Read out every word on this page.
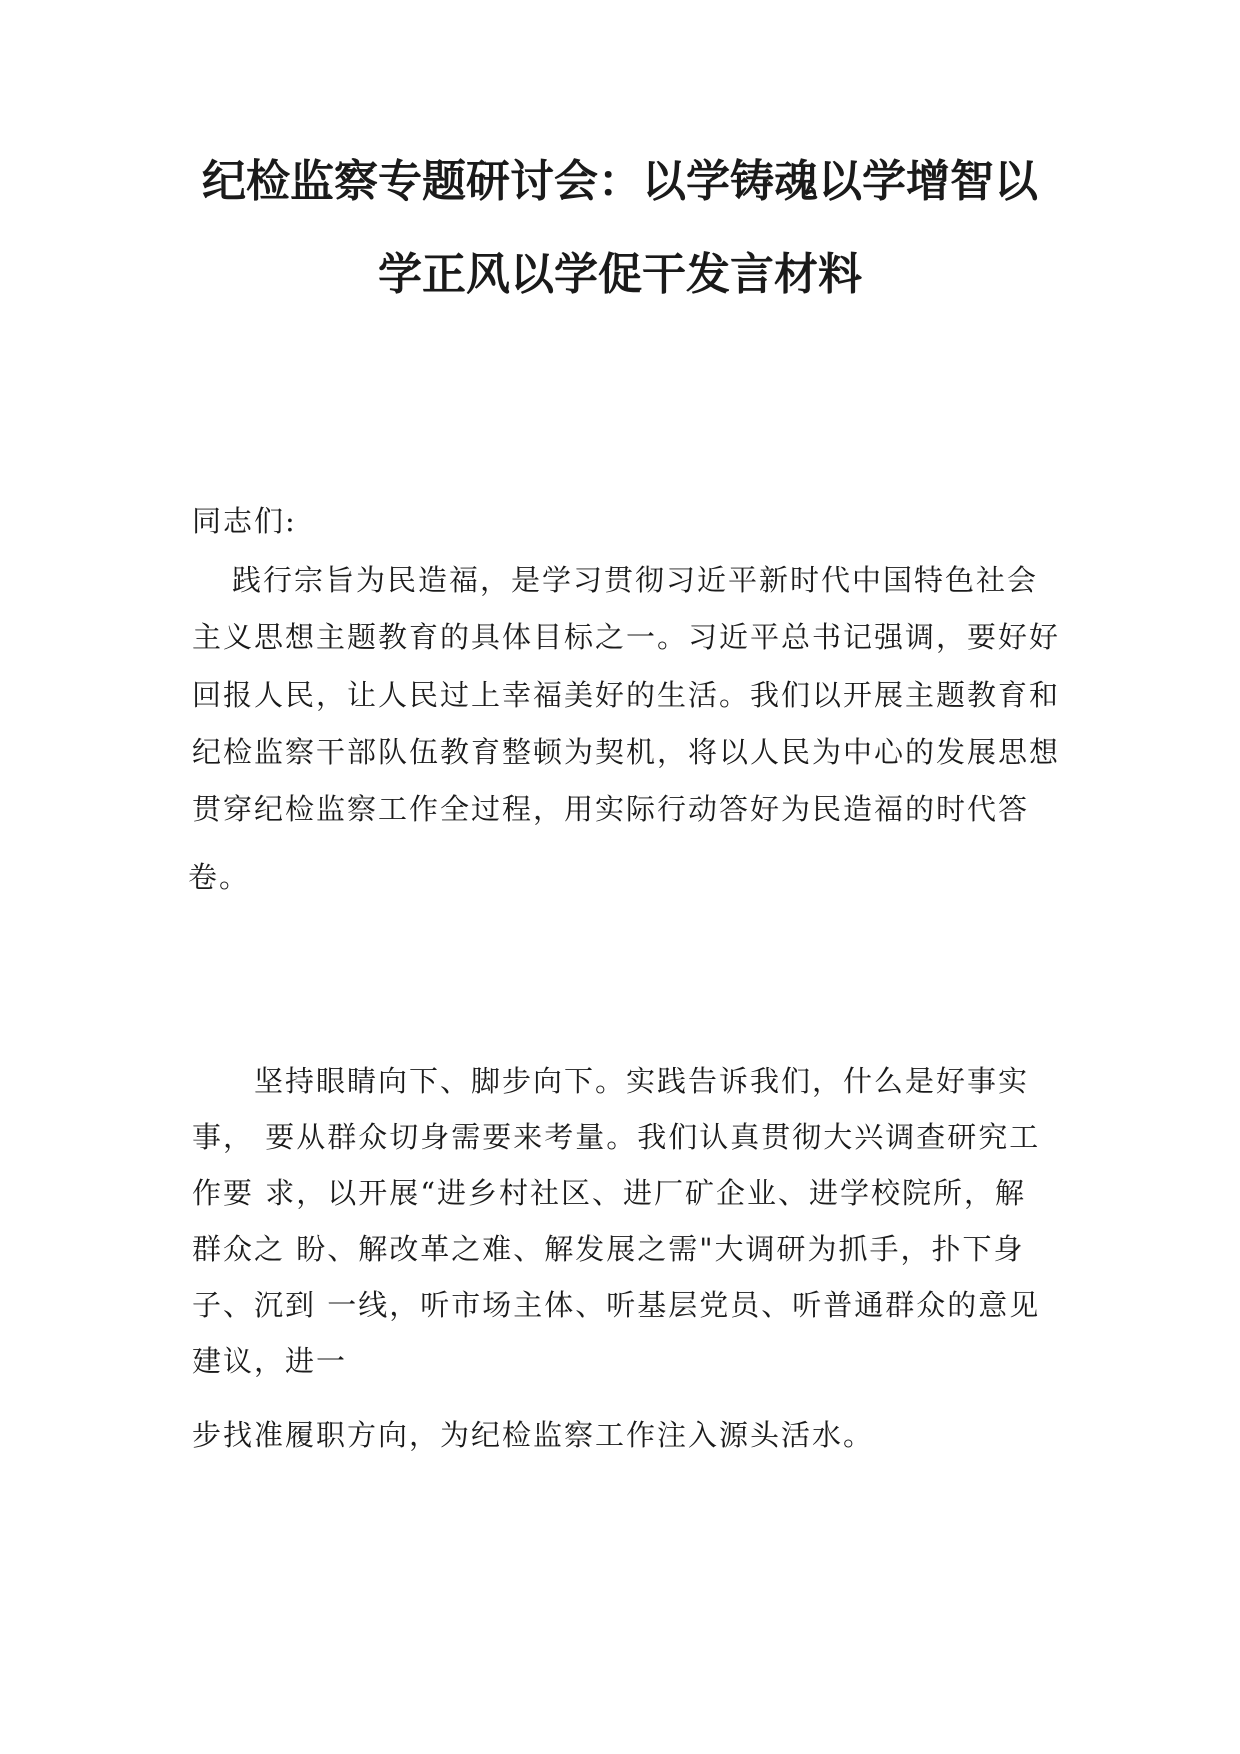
纪检监察专题研讨会：以学铸魂以学增智以
学正风以学促干发言材料

同志们:

践行宗旨为民造福，是学习贯彻习近平新时代中国特色社会

主义思想主题教育的具体目标之一。习近平总书记强调，要好好

回报人民，让人民过上幸福美好的生活。我们以开展主题教育和

纪检监察干部队伍教育整顿为契机，将以人民为中心的发展思想

贯穿纪检监察工作全过程，用实际行动答好为民造福的时代答

卷。

坚持眼睛向下、脚步向下。实践告诉我们，什么是好事实

事， 要从群众切身需要来考量。我们认真贯彻大兴调查研究工

作要 求，以开展“进乡村社区、进厂矿企业、进学校院所，解

群众之 盼、解改革之难、解发展之需"大调研为抓手，扑下身

子、沉到 一线，听市场主体、听基层党员、听普通群众的意见

建议，进一

步找准履职方向，为纪检监察工作注入源头活水。
